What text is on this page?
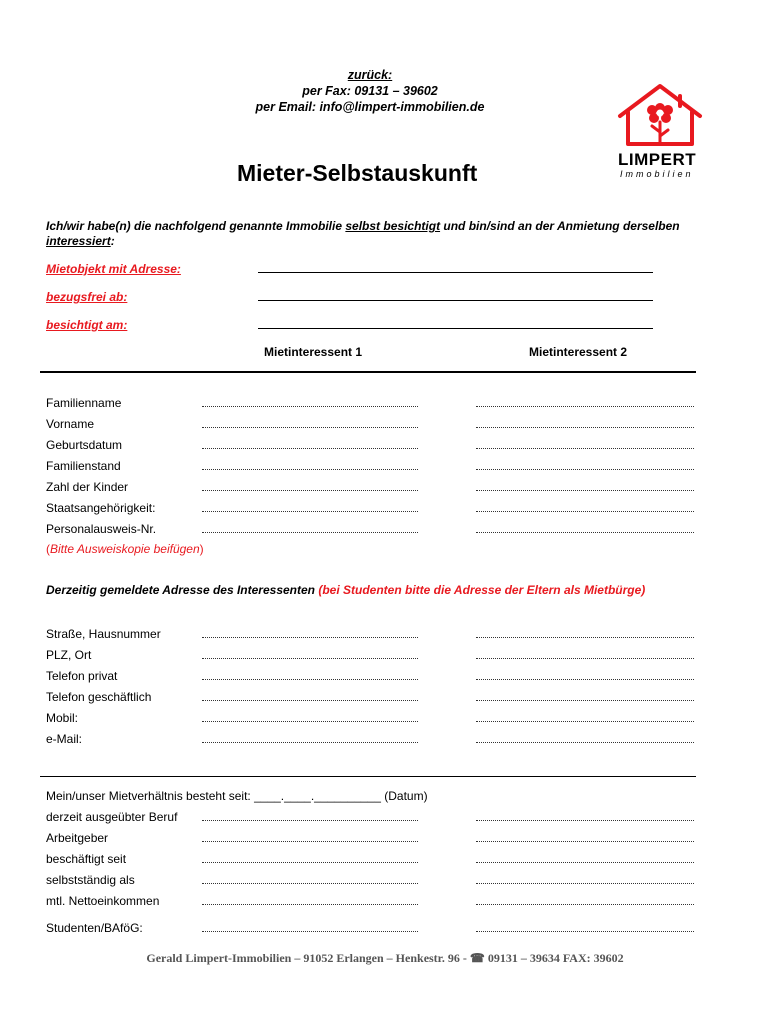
zurück:
per Fax: 09131 – 39602
per Email: info@limpert-immobilien.de
LIMPERT
Immobilien
Mieter-Selbstauskunft
Ich/wir habe(n) die nachfolgend genannte Immobilie selbst besichtigt und bin/sind an der Anmietung derselben interessiert:
Mietobjekt mit Adresse:
bezugsfrei ab:
besichtigt am:
Mietinteressent 1	Mietinteressent 2
Familienname
Vorname
Geburtsdatum
Familienstand
Zahl der Kinder
Staatsangehörigkeit:
Personalausweis-Nr.
(Bitte Ausweiskopie beifügen)
Derzeitig gemeldete Adresse des Interessenten (bei Studenten bitte die Adresse der Eltern als Mietbürge)
Straße, Hausnummer
PLZ, Ort
Telefon privat
Telefon geschäftlich
Mobil:
e-Mail:
Mein/unser Mietverhältnis besteht seit: ____.____.__________ (Datum)
derzeit ausgeübter Beruf
Arbeitgeber
beschäftigt seit
selbstständig als
mtl. Nettoeinkommen
Studenten/BAföG:
Gerald Limpert-Immobilien – 91052 Erlangen – Henkestr. 96 - ☎ 09131 – 39634 FAX: 39602
